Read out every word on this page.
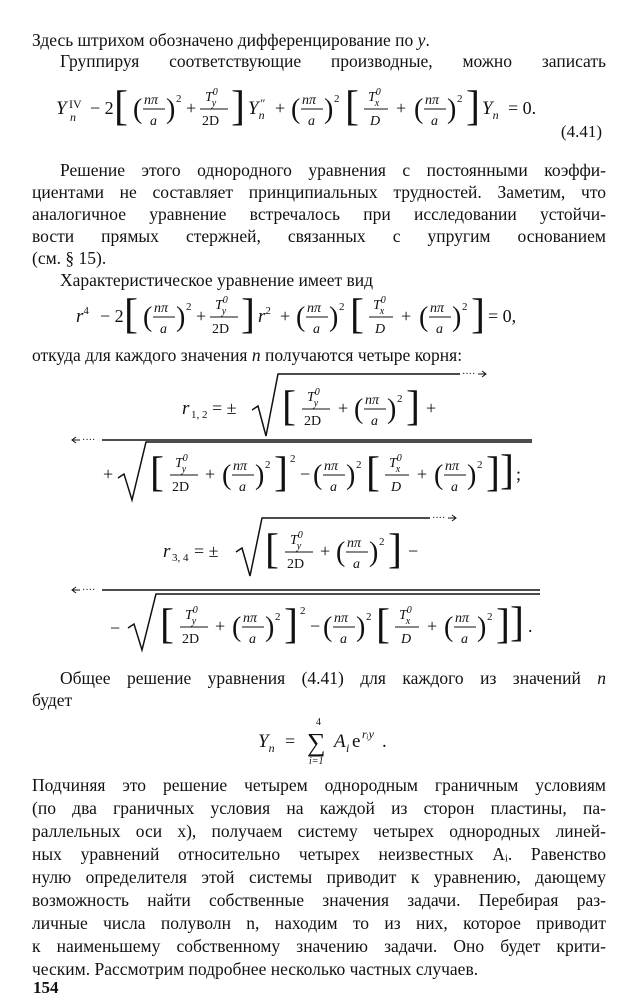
Здесь штрихом обозначено дифференцирование по y.
Группируя соответствующие производные, можно записать
Y IV
n − 2 [ ( nπ
a ) 2 +
$T^0$ y
2D ] $Y_n''$ + ( nπ
a ) 2 [ $T^0$ x
D
+ ( nπ
a ) 2 ] $Y_n = 0$.
(4.41)
Решение этого однородного уравнения с постоянными коэффи-
циентами не составляет принципиальных трудностей. Заметим, что
аналогичное уравнение встречалось при исследовании устойчи-
вости прямых стержней, связанных с упругим основанием
(см. § 15).
Характеристическое уравнение имеет вид
$r^4 - 2$ [ ( nπ
a ) 2 +
$T^0$ y
2D ] $r^2$ + ( nπ
a ) 2 [ $T^0$ x
D
+ ( nπ
a ) 2 ] = 0,
откуда для каждого значения n получаются четыре корня:
r 1, 2 = ±
····
[ $T^0$ y
2D
+ ( nπ
a ) 2 ] +
····
+ [ $T^0$ y
2D
+ ( nπ
a ) 2 ] 2
− ( nπ
a ) 2 [ $T^0$ x
D
+ ( nπ
a ) 2 ] ] ;
r 3, 4 = ±
····
[ $T^0$ y
2D
+ ( nπ
a ) 2 ] −
····
− [ $T^0$ y
2D
+ ( nπ
a ) 2 ] 2
− ( nπ
a ) 2 [ $T^0$ x
D
+ ( nπ
a ) 2 ] ] .
Общее решение уравнения (4.41) для каждого из значений n
будет
$Y_n$ =
4
∑
i=1
A i e rᵢy .
Подчиняя это решение четырем однородным граничным условиям
(по два граничных условия на каждой из сторон пластины, па-
раллельных оси x), получаем систему четырех однородных линей-
ных уравнений относительно четырех неизвестных Aᵢ. Равенство
нулю определителя этой системы приводит к уравнению, дающему
возможность найти собственные значения задачи. Перебирая раз-
личные числа полуволн n, находим то из них, которое приводит
к наименьшему собственному значению задачи. Оно будет крити-
ческим. Рассмотрим подробнее несколько частных случаев.
154
